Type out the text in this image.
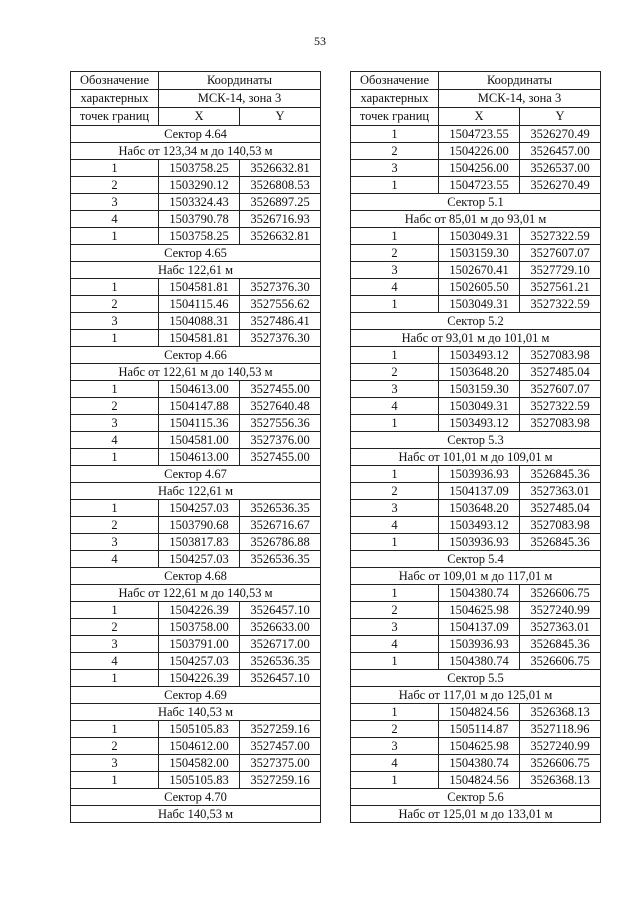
53
Обозначение	Координаты	
характерных	МСК-14, зона 3	
точек границ	X	Y
Сектор 4.64		
Набс от 123,34 м до 140,53 м		
1	1503758.25	3526632.81
2	1503290.12	3526808.53
3	1503324.43	3526897.25
4	1503790.78	3526716.93
1	1503758.25	3526632.81
Сектор 4.65		
Набс 122,61 м		
1	1504581.81	3527376.30
2	1504115.46	3527556.62
3	1504088.31	3527486.41
1	1504581.81	3527376.30
Сектор 4.66		
Набс от 122,61 м до 140,53 м		
1	1504613.00	3527455.00
2	1504147.88	3527640.48
3	1504115.36	3527556.36
4	1504581.00	3527376.00
1	1504613.00	3527455.00
Сектор 4.67		
Набс 122,61 м		
1	1504257.03	3526536.35
2	1503790.68	3526716.67
3	1503817.83	3526786.88
4	1504257.03	3526536.35
Сектор 4.68		
Набс от 122,61 м до 140,53 м		
1	1504226.39	3526457.10
2	1503758.00	3526633.00
3	1503791.00	3526717.00
4	1504257.03	3526536.35
1	1504226.39	3526457.10
Сектор 4.69		
Набс 140,53 м		
1	1505105.83	3527259.16
2	1504612.00	3527457.00
3	1504582.00	3527375.00
1	1505105.83	3527259.16
Сектор 4.70		
Набс 140,53 м		
Обозначение	Координаты	
характерных	МСК-14, зона 3	
точек границ	X	Y
1	1504723.55	3526270.49
2	1504226.00	3526457.00
3	1504256.00	3526537.00
1	1504723.55	3526270.49
Сектор 5.1		
Набс от 85,01 м до 93,01 м		
1	1503049.31	3527322.59
2	1503159.30	3527607.07
3	1502670.41	3527729.10
4	1502605.50	3527561.21
1	1503049.31	3527322.59
Сектор 5.2		
Набс от 93,01 м до 101,01 м		
1	1503493.12	3527083.98
2	1503648.20	3527485.04
3	1503159.30	3527607.07
4	1503049.31	3527322.59
1	1503493.12	3527083.98
Сектор 5.3		
Набс от 101,01 м до 109,01 м		
1	1503936.93	3526845.36
2	1504137.09	3527363.01
3	1503648.20	3527485.04
4	1503493.12	3527083.98
1	1503936.93	3526845.36
Сектор 5.4		
Набс от 109,01 м до 117,01 м		
1	1504380.74	3526606.75
2	1504625.98	3527240.99
3	1504137.09	3527363.01
4	1503936.93	3526845.36
1	1504380.74	3526606.75
Сектор 5.5		
Набс от 117,01 м до 125,01 м		
1	1504824.56	3526368.13
2	1505114.87	3527118.96
3	1504625.98	3527240.99
4	1504380.74	3526606.75
1	1504824.56	3526368.13
Сектор 5.6		
Набс от 125,01 м до 133,01 м		
